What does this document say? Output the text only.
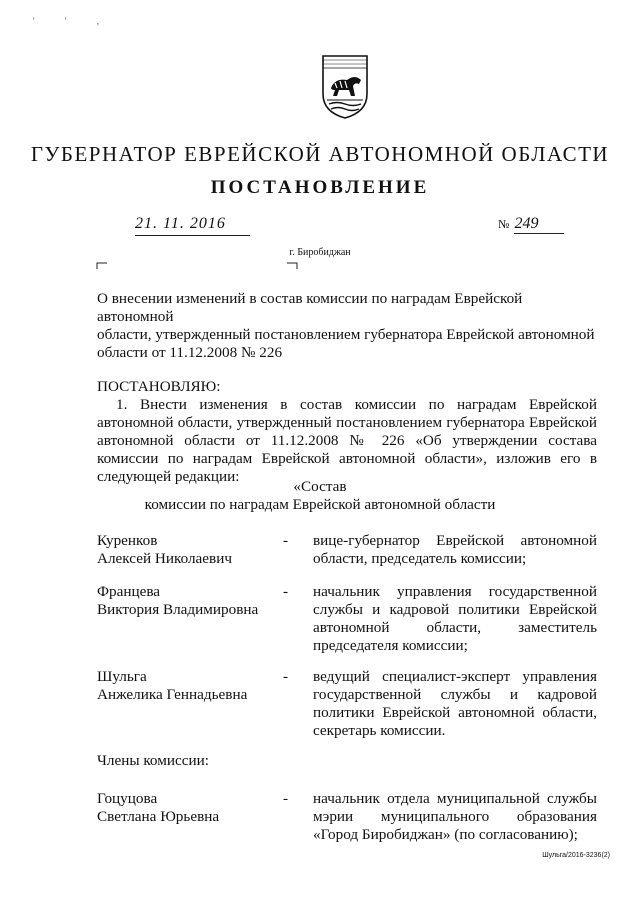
' ' ,
ГУБЕРНАТОР ЕВРЕЙСКОЙ АВТОНОМНОЙ ОБЛАСТИ
ПОСТАНОВЛЕНИЕ
21. 11. 2016	№ 249
г. Биробиджан
О внесении изменений в состав комиссии по наградам Еврейской автономной
области, утвержденный постановлением губернатора Еврейской автономной
области от 11.12.2008 № 226
ПОСТАНОВЛЯЮ:
1. Внести изменения в состав комиссии по наградам Еврейской автономной области, утвержденный постановлением губернатора Еврейской автономной области от 11.12.2008 № 226 «Об утверждении состава комиссии по наградам Еврейской автономной области», изложив его в следующей редакции:
«Состав
комиссии по наградам Еврейской автономной области
Куренков
Алексей Николаевич
- вице-губернатор Еврейской автономной области, председатель комиссии;
Францева
Виктория Владимировна
- начальник управления государственной службы и кадровой политики Еврейской автономной области, заместитель председателя комиссии;
Шульга
Анжелика Геннадьевна
- ведущий специалист-эксперт управления государственной службы и кадровой политики Еврейской автономной области, секретарь комиссии.
Члены комиссии:
Гоцуцова
Светлана Юрьевна
- начальник отдела муниципальной службы мэрии муниципального образования «Город Биробиджан» (по согласованию);
Шульга/2016-3236(2)
